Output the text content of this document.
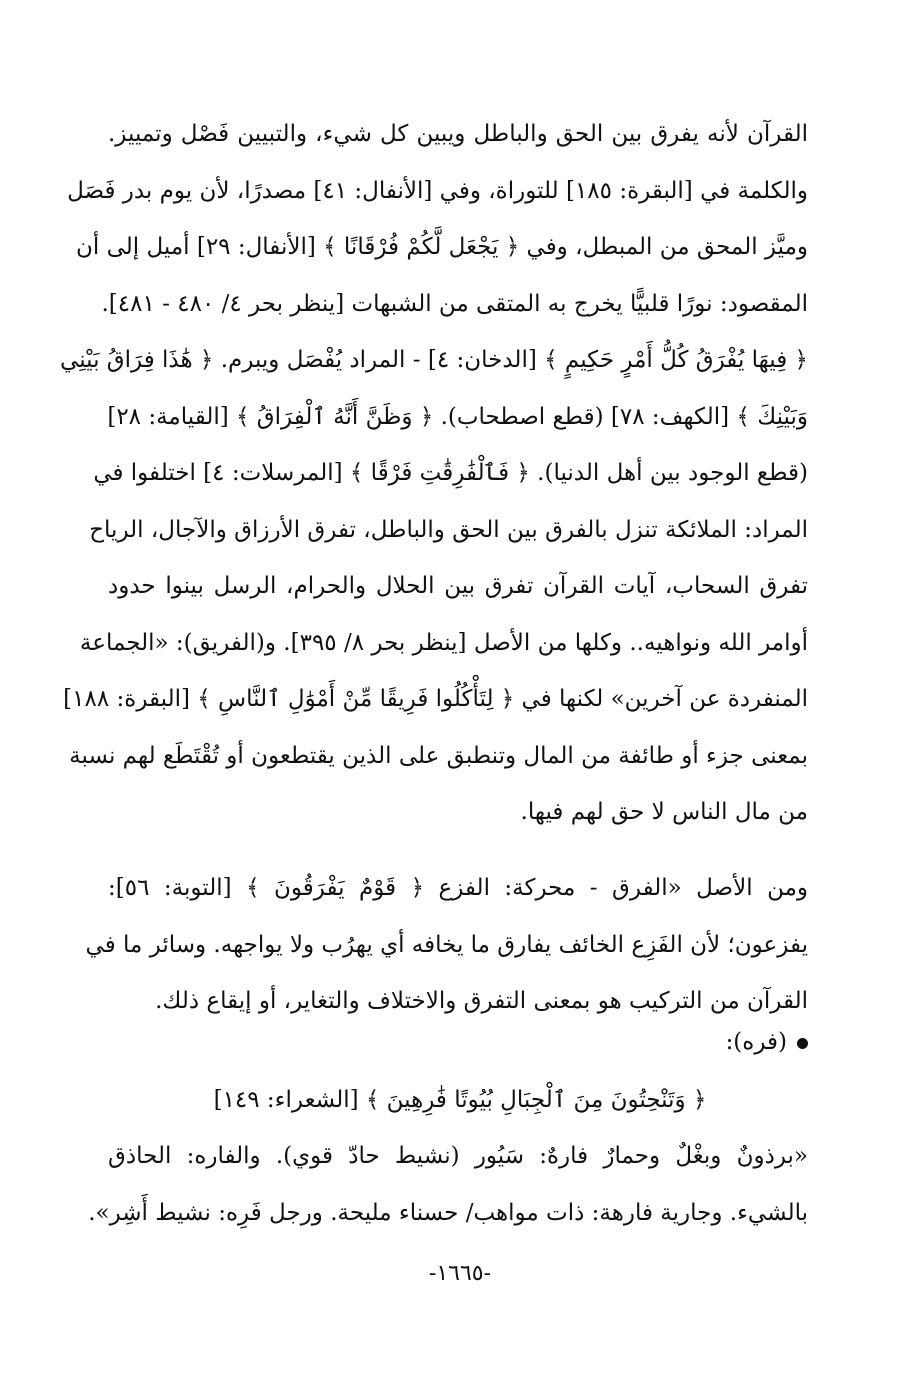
القرآن لأنه يفرق بين الحق والباطل ويبين كل شيء، والتبيين فَصْل وتمييز.
والكلمة في [البقرة: ١٨٥] للتوراة، وفي [الأنفال: ٤١] مصدرًا، لأن يوم بدر فَصَل
وميَّز المحق من المبطل، وفي ﴿ يَجْعَل لَّكُمْ فُرْقَانًا ﴾ [الأنفال: ٢٩] أميل إلى أن
المقصود: نورًا قلبيًّا يخرج به المتقى من الشبهات [ينظر بحر ٤/ ٤٨٠ - ٤٨١].
﴿ فِيهَا يُفْرَقُ كُلُّ أَمْرٍ حَكِيمٍ ﴾ [الدخان: ٤] - المراد يُفْصَل ويبرم. ﴿ هَٰذَا فِرَاقُ بَيْنِي
وَبَيْنِكَ ﴾ [الكهف: ٧٨] (قطع اصطحاب). ﴿ وَظَنَّ أَنَّهُ ٱلْفِرَاقُ ﴾ [القيامة: ٢٨]
(قطع الوجود بين أهل الدنيا). ﴿ فَٱلْفَٰرِقَٰتِ فَرْقًا ﴾ [المرسلات: ٤] اختلفوا في
المراد: الملائكة تنزل بالفرق بين الحق والباطل، تفرق الأرزاق والآجال، الرياح
تفرق السحاب، آيات القرآن تفرق بين الحلال والحرام، الرسل بينوا حدود
أوامر الله ونواهيه.. وكلها من الأصل [ينظر بحر ٨/ ٣٩٥]. و(الفريق): «الجماعة
المنفردة عن آخرين» لكنها في ﴿ لِتَأْكُلُوا فَرِيقًا مِّنْ أَمْوَٰلِ ٱلنَّاسِ ﴾ [البقرة: ١٨٨]
بمعنى جزء أو طائفة من المال وتنطبق على الذين يقتطعون أو تُقْتَطَع لهم نسبة
من مال الناس لا حق لهم فيها.
ومن الأصل «الفرق - محركة: الفزع ﴿ قَوْمٌ يَفْرَقُونَ ﴾ [التوبة: ٥٦]:
يفزعون؛ لأن الفَزِع الخائف يفارق ما يخافه أي يهرُب ولا يواجهه. وسائر ما في
القرآن من التركيب هو بمعنى التفرق والاختلاف والتغاير، أو إيقاع ذلك.
(فره):
﴿ وَتَنْحِتُونَ مِنَ ٱلْجِبَالِ بُيُوتًا فَٰرِهِينَ ﴾ [الشعراء: ١٤٩]
«برذونٌ وبغْلٌ وحمارٌ فارهٌ: سَيُور (نشيط حادّ قوي). والفاره: الحاذق
بالشيء. وجارية فارهة: ذات مواهب/ حسناء مليحة. ورجل فَرِه: نشيط أَشِر».
-١٦٦٥-
